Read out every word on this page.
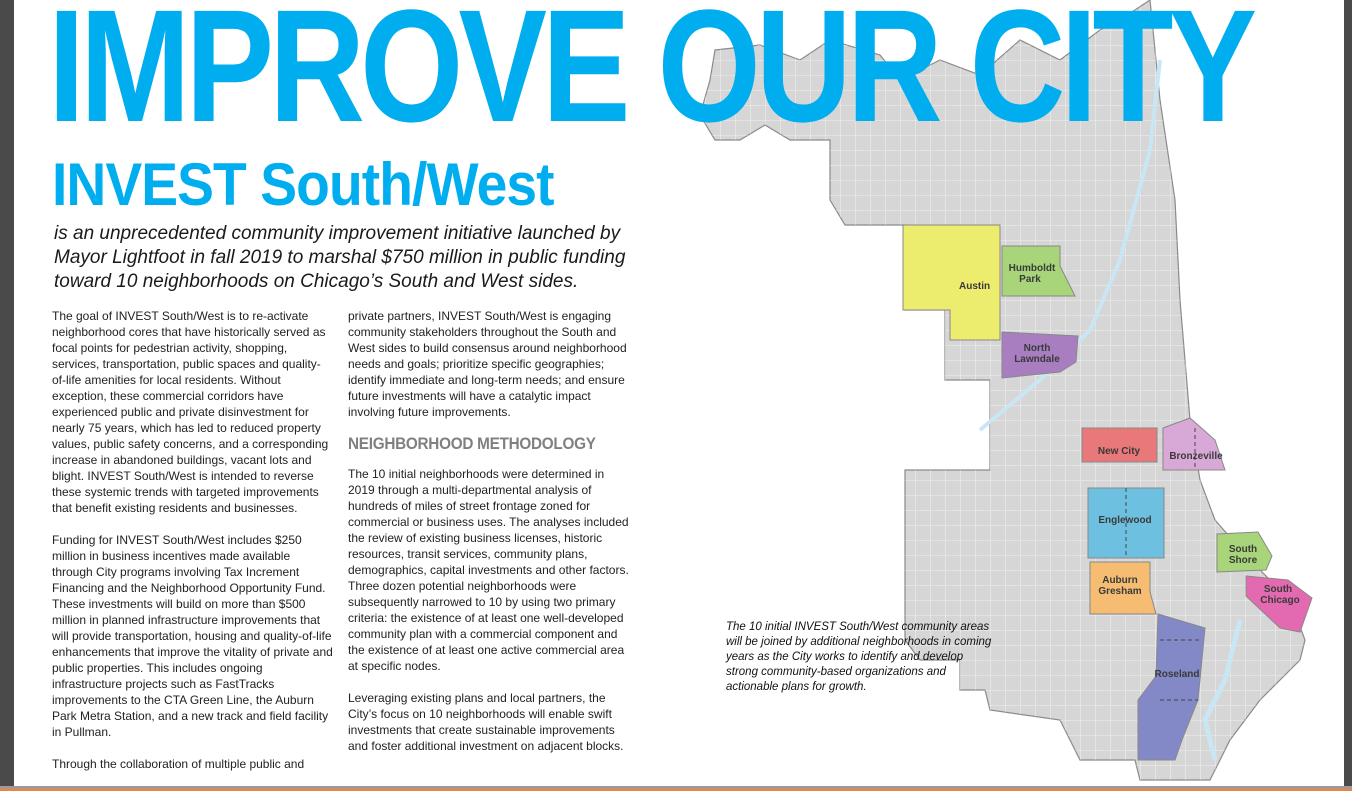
Austin
Humboldt Park
North Lawndale
New City	Bronzeville
Englewood
South Shore
Auburn Gresham	South Chicago
Roseland
IMPROVE OUR CITY
INVEST South/West
is an unprecedented community improvement initiative launched by Mayor Lightfoot in fall 2019 to marshal $750 million in public funding toward 10 neighborhoods on Chicago’s South and West sides.

The goal of INVEST South/West is to re-activate neighborhood cores that have historically served as focal points for pedestrian activity, shopping, services, transportation, public spaces and quality-of-life amenities for local residents. Without exception, these commercial corridors have experienced public and private disinvestment for nearly 75 years, which has led to reduced property values, public safety concerns, and a corresponding increase in abandoned buildings, vacant lots and blight. INVEST South/West is intended to reverse these systemic trends with targeted improvements that benefit existing residents and businesses.

Funding for INVEST South/West includes $250 million in business incentives made available through City programs involving Tax Increment Financing and the Neighborhood Opportunity Fund. These investments will build on more than $500 million in planned infrastructure improvements that will provide transportation, housing and quality-of-life enhancements that improve the vitality of private and public properties. This includes ongoing infrastructure projects such as FastTracks improvements to the CTA Green Line, the Auburn Park Metra Station, and a new track and field facility in Pullman.

Through the collaboration of multiple public and

private partners, INVEST South/West is engaging community stakeholders throughout the South and West sides to build consensus around neighborhood needs and goals; prioritize specific geographies; identify immediate and long-term needs; and ensure future investments will have a catalytic impact involving future improvements.

NEIGHBORHOOD METHODOLOGY

The 10 initial neighborhoods were determined in 2019 through a multi-departmental analysis of hundreds of miles of street frontage zoned for commercial or business uses. The analyses included the review of existing business licenses, historic resources, transit services, community plans, demographics, capital investments and other factors. Three dozen potential neighborhoods were subsequently narrowed to 10 by using two primary criteria: the existence of at least one well-developed community plan with a commercial component and the existence of at least one active commercial area at specific nodes.

Leveraging existing plans and local partners, the City’s focus on 10 neighborhoods will enable swift investments that create sustainable improvements and foster additional investment on adjacent blocks.

The 10 initial INVEST South/West community areas will be joined by additional neighborhoods in coming years as the City works to identify and develop strong community-based organizations and actionable plans for growth.
